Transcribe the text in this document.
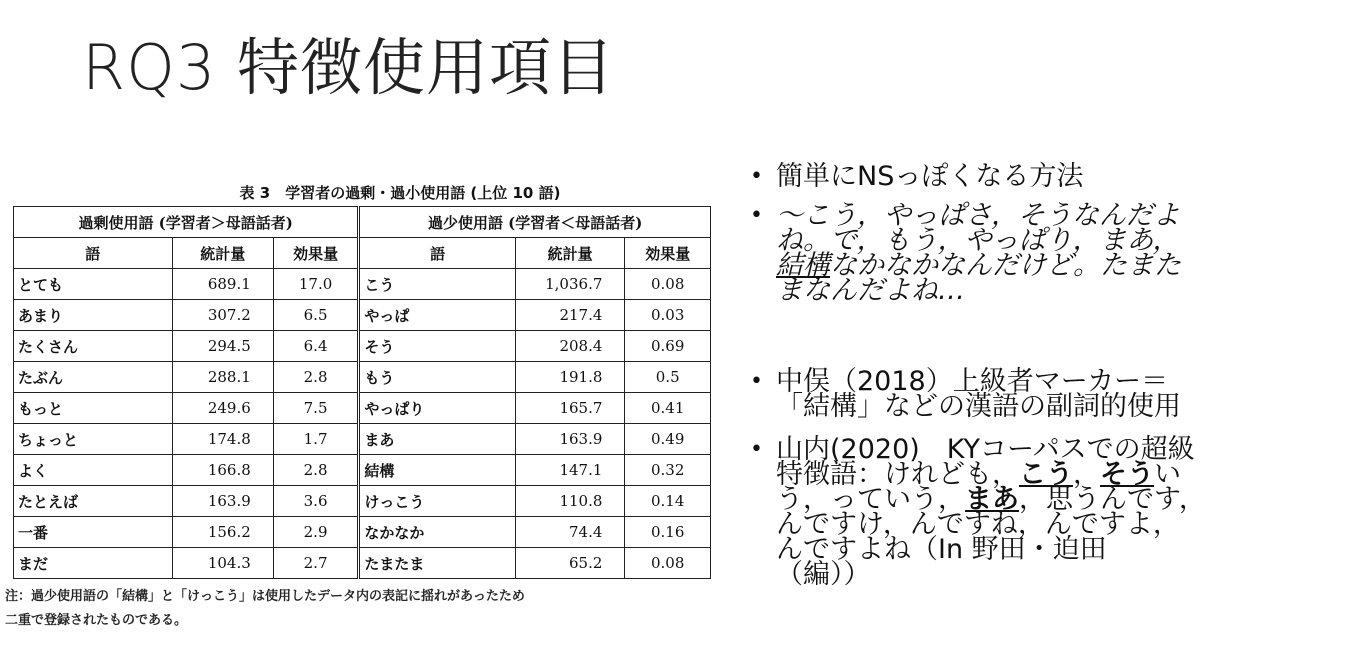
RQ3 特徴使用項目
表 3　学習者の過剰・過小使用語 (上位 10 語)
過剰使用語 (学習者＞母語話者)			過少使用語 (学習者＜母語話者)		
語	統計量	効果量	語	統計量	効果量
とても	689.1	17.0	こう	1,036.7	0.08
あまり	307.2	6.5	やっぱ	217.4	0.03
たくさん	294.5	6.4	そう	208.4	0.69
たぶん	288.1	2.8	もう	191.8	0.5
もっと	249.6	7.5	やっぱり	165.7	0.41
ちょっと	174.8	1.7	まあ	163.9	0.49
よく	166.8	2.8	結構	147.1	0.32
たとえば	163.9	3.6	けっこう	110.8	0.14
一番	156.2	2.9	なかなか	74.4	0.16
まだ	104.3	2.7	たまたま	65.2	0.08
注：過少使用語の「結構」と「けっこう」は使用したデータ内の表記に揺れがあったため
二重で登録されたものである。
• 簡単にNSっぽくなる方法
• ～こう，やっぱさ，そうなんだよ
ね。で，もう，やっぱり，まあ，
結構なかなかなんだけど。たまた
まなんだよね…
• 中俣（2018）上級者マーカー＝
「結構」などの漢語の副詞的使用
• 山内(2020)　KYコーパスでの超級
特徴語：けれども，こう，そうい
う，っていう，まあ，思うんです，
んですけ，んですね，んですよ，
んですよね（In 野田・迫田
（編））
